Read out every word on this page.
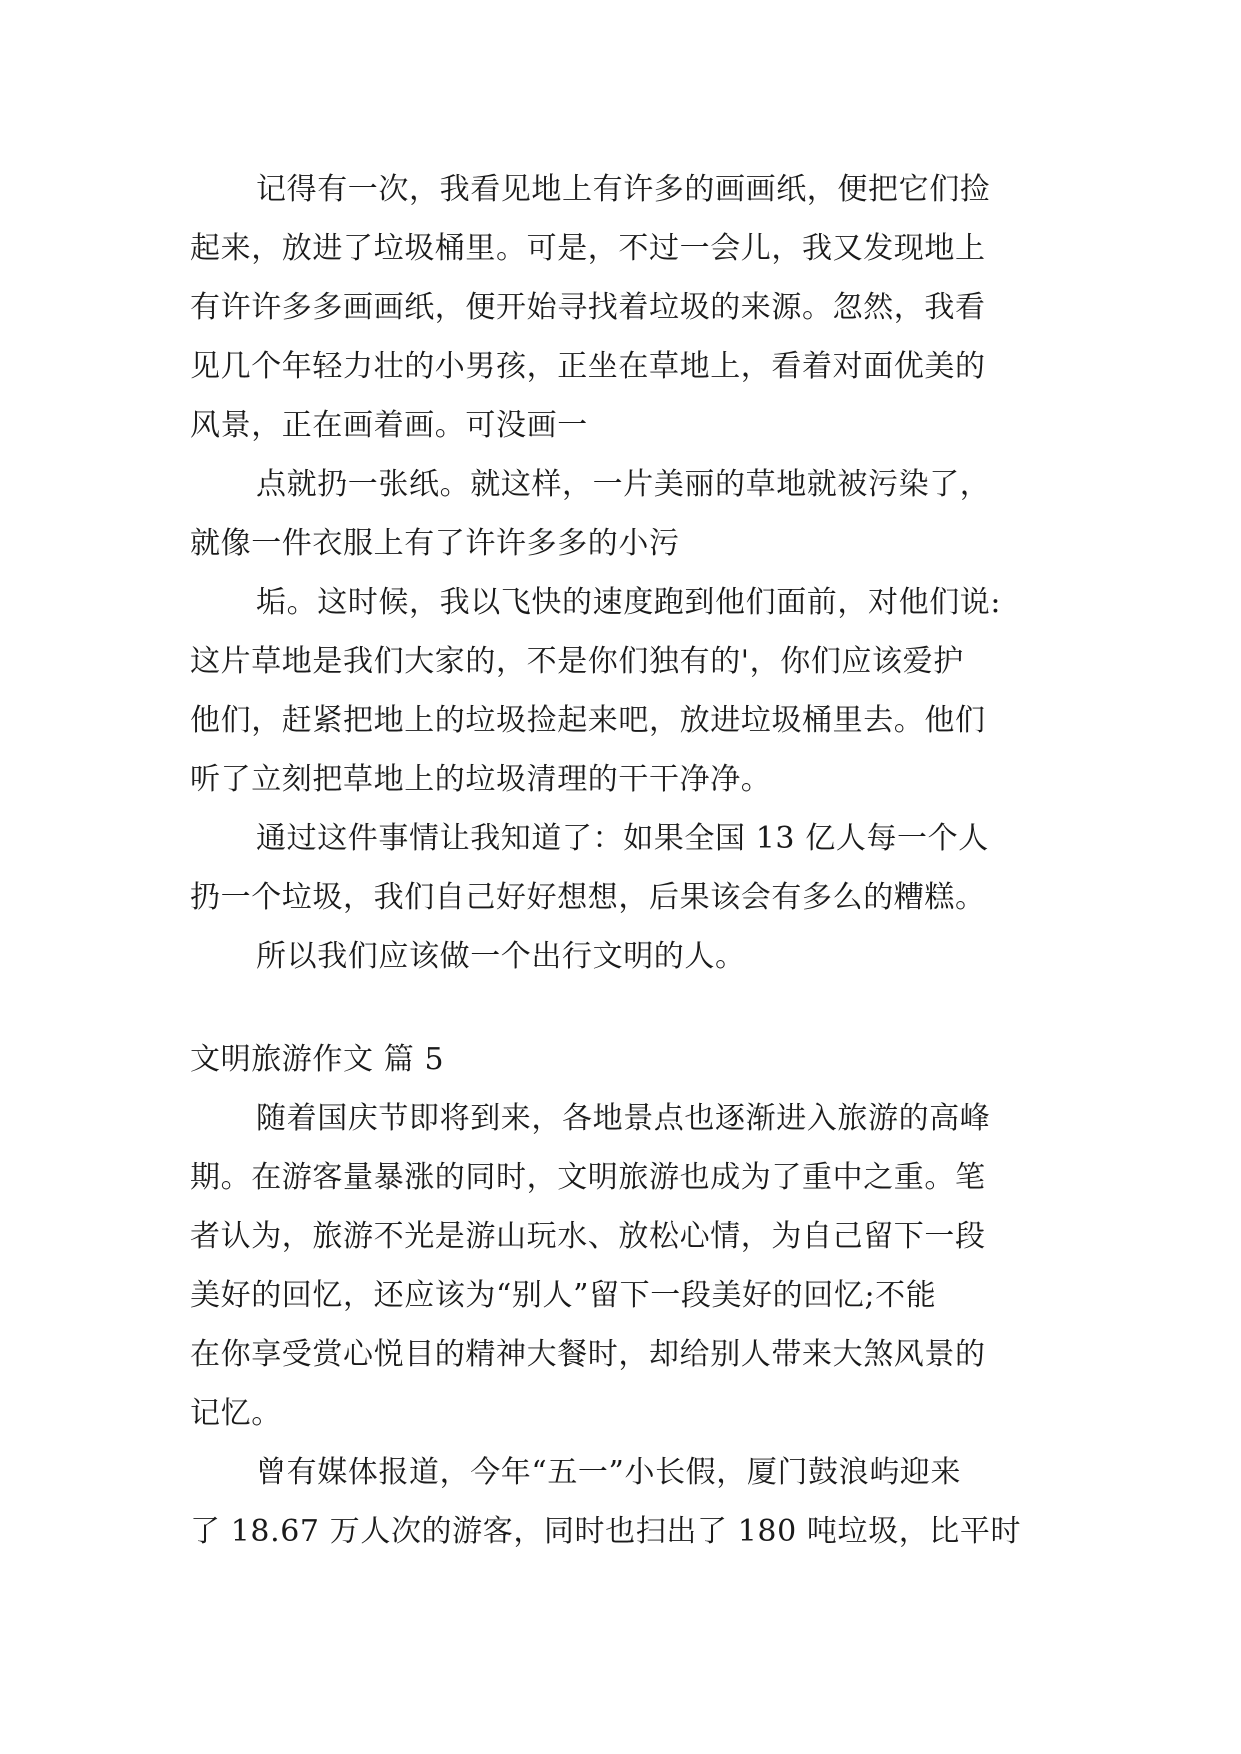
记得有一次，我看见地上有许多的画画纸，便把它们捡
起来，放进了垃圾桶里。可是，不过一会儿，我又发现地上
有许许多多画画纸，便开始寻找着垃圾的来源。忽然，我看
见几个年轻力壮的小男孩，正坐在草地上，看着对面优美的
风景，正在画着画。可没画一
点就扔一张纸。就这样，一片美丽的草地就被污染了，
就像一件衣服上有了许许多多的小污
垢。这时候，我以飞快的速度跑到他们面前，对他们说:
这片草地是我们大家的，不是你们独有的'，你们应该爱护
他们，赶紧把地上的垃圾捡起来吧，放进垃圾桶里去。他们
听了立刻把草地上的垃圾清理的干干净净。
通过这件事情让我知道了：如果全国 13 亿人每一个人
扔一个垃圾，我们自己好好想想，后果该会有多么的糟糕。
所以我们应该做一个出行文明的人。
文明旅游作文 篇 5
随着国庆节即将到来，各地景点也逐渐进入旅游的高峰
期。在游客量暴涨的同时，文明旅游也成为了重中之重。笔
者认为，旅游不光是游山玩水、放松心情，为自己留下一段
美好的回忆，还应该为“别人”留下一段美好的回忆;不能
在你享受赏心悦目的精神大餐时，却给别人带来大煞风景的
记忆。
曾有媒体报道，今年“五一”小长假，厦门鼓浪屿迎来
了 18.67 万人次的游客，同时也扫出了 180 吨垃圾，比平时
